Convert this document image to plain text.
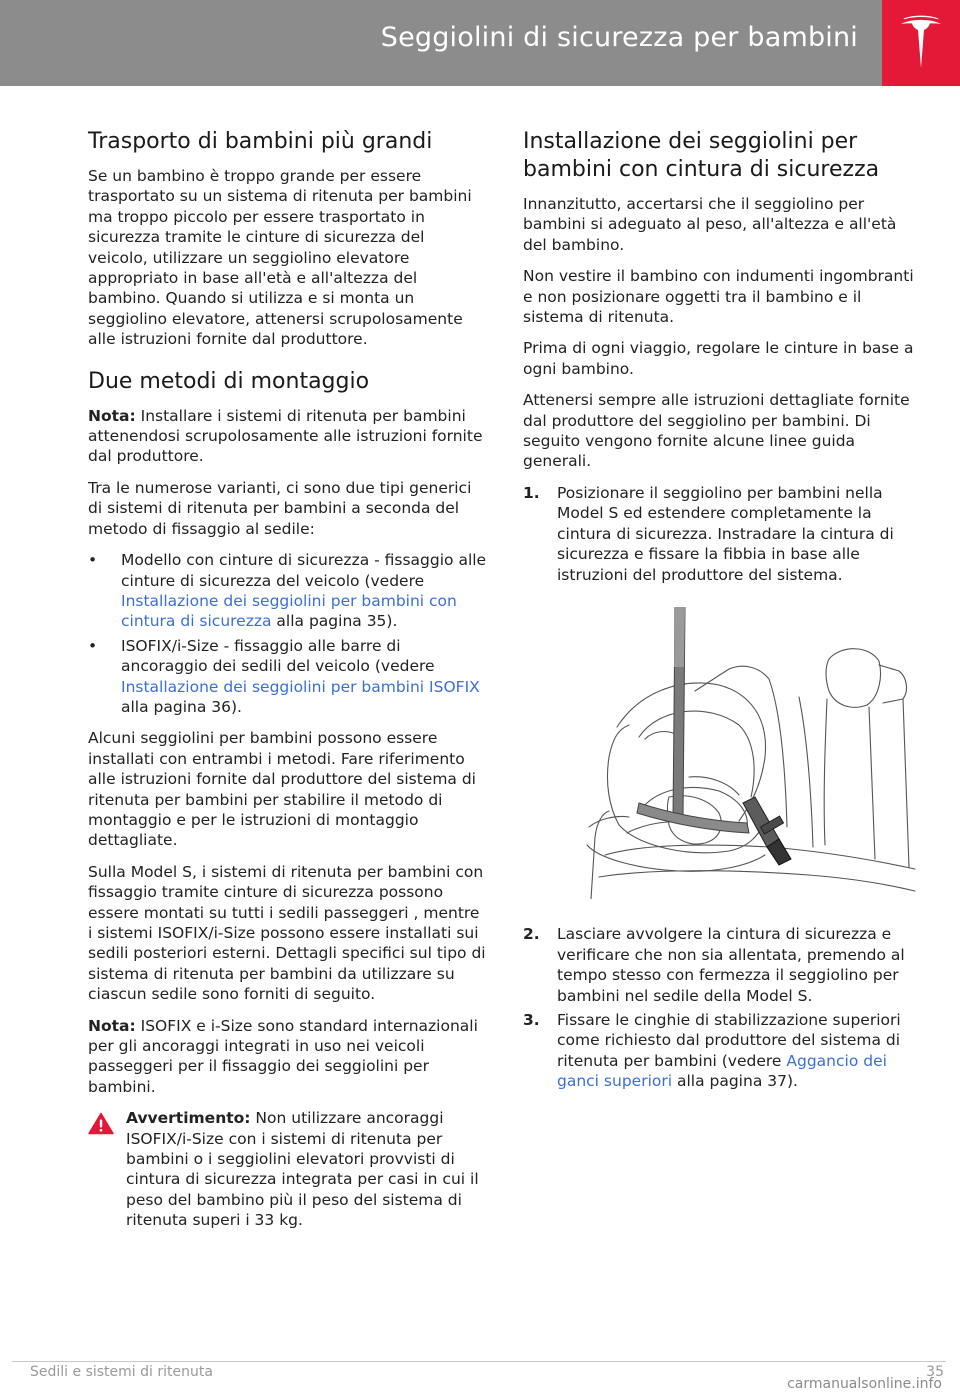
Seggiolini di sicurezza per bambini
Trasporto di bambini più grandi

Se un bambino è troppo grande per essere trasportato su un sistema di ritenuta per bambini ma troppo piccolo per essere trasportato in sicurezza tramite le cinture di sicurezza del veicolo, utilizzare un seggiolino elevatore appropriato in base all'età e all'altezza del bambino. Quando si utilizza e si monta un seggiolino elevatore, attenersi scrupolosamente alle istruzioni fornite dal produttore.

Due metodi di montaggio

Nota: Installare i sistemi di ritenuta per bambini attenendosi scrupolosamente alle istruzioni fornite dal produttore.

Tra le numerose varianti, ci sono due tipi generici di sistemi di ritenuta per bambini a seconda del metodo di fissaggio al sedile:

• Modello con cinture di sicurezza - fissaggio alle cinture di sicurezza del veicolo (vedere Installazione dei seggiolini per bambini con cintura di sicurezza alla pagina 35).
• ISOFIX/i-Size - fissaggio alle barre di ancoraggio dei sedili del veicolo (vedere Installazione dei seggiolini per bambini ISOFIX alla pagina 36).

Alcuni seggiolini per bambini possono essere installati con entrambi i metodi. Fare riferimento alle istruzioni fornite dal produttore del sistema di ritenuta per bambini per stabilire il metodo di montaggio e per le istruzioni di montaggio dettagliate.

Sulla Model S, i sistemi di ritenuta per bambini con fissaggio tramite cinture di sicurezza possono essere montati su tutti i sedili passeggeri , mentre i sistemi ISOFIX/i-Size possono essere installati sui sedili posteriori esterni. Dettagli specifici sul tipo di sistema di ritenuta per bambini da utilizzare su ciascun sedile sono forniti di seguito.

Nota: ISOFIX e i-Size sono standard internazionali per gli ancoraggi integrati in uso nei veicoli passeggeri per il fissaggio dei seggiolini per bambini.

Avvertimento: Non utilizzare ancoraggi ISOFIX/i-Size con i sistemi di ritenuta per bambini o i seggiolini elevatori provvisti di cintura di sicurezza integrata per casi in cui il peso del bambino più il peso del sistema di ritenuta superi i 33 kg.
Installazione dei seggiolini per bambini con cintura di sicurezza

Innanzitutto, accertarsi che il seggiolino per bambini si adeguato al peso, all'altezza e all'età del bambino.

Non vestire il bambino con indumenti ingombranti e non posizionare oggetti tra il bambino e il sistema di ritenuta.

Prima di ogni viaggio, regolare le cinture in base a ogni bambino.

Attenersi sempre alle istruzioni dettagliate fornite dal produttore del seggiolino per bambini. Di seguito vengono fornite alcune linee guida generali.

1. Posizionare il seggiolino per bambini nella Model S ed estendere completamente la cintura di sicurezza. Instradare la cintura di sicurezza e fissare la fibbia in base alle istruzioni del produttore del sistema.
2. Lasciare avvolgere la cintura di sicurezza e verificare che non sia allentata, premendo al tempo stesso con fermezza il seggiolino per bambini nel sedile della Model S.
3. Fissare le cinghie di stabilizzazione superiori come richiesto dal produttore del sistema di ritenuta per bambini (vedere Aggancio dei ganci superiori alla pagina 37).
Sedili e sistemi di ritenuta	35
carmanualsonline.info
